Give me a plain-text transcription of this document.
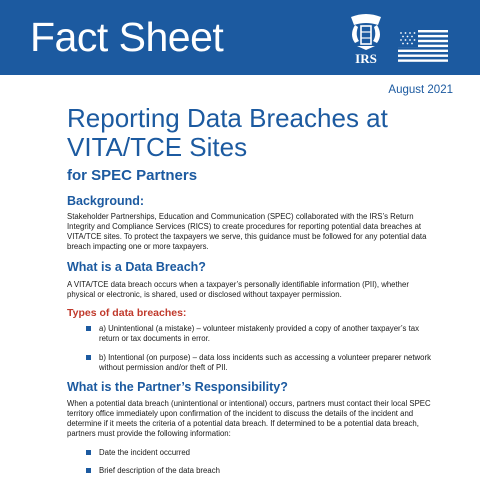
Fact Sheet	IRS
August 2021
Reporting Data Breaches at VITA/TCE Sites
for SPEC Partners
Background:

Stakeholder Partnerships, Education and Communication (SPEC) collaborated with the IRS’s Return Integrity and Compliance Services (RICS) to create procedures for reporting potential data breaches at VITA/TCE sites. To protect the taxpayers we serve, this guidance must be followed for any potential data breach impacting one or more taxpayers.

What is a Data Breach?

A VITA/TCE data breach occurs when a taxpayer’s personally identifiable information (PII), whether physical or electronic, is shared, used or disclosed without taxpayer permission.

Types of data breaches:
a) Unintentional (a mistake) – volunteer mistakenly provided a copy of another taxpayer’s tax return or tax documents in error.
b) Intentional (on purpose) – data loss incidents such as accessing a volunteer preparer network without permission and/or theft of PII.
What is the Partner’s Responsibility?

When a potential data breach (unintentional or intentional) occurs, partners must contact their local SPEC territory office immediately upon confirmation of the incident to discuss the details of the incident and determine if it meets the criteria of a potential data breach. If determined to be a potential data breach, partners must provide the following information:

Date the incident occurred
Brief description of the data breach
